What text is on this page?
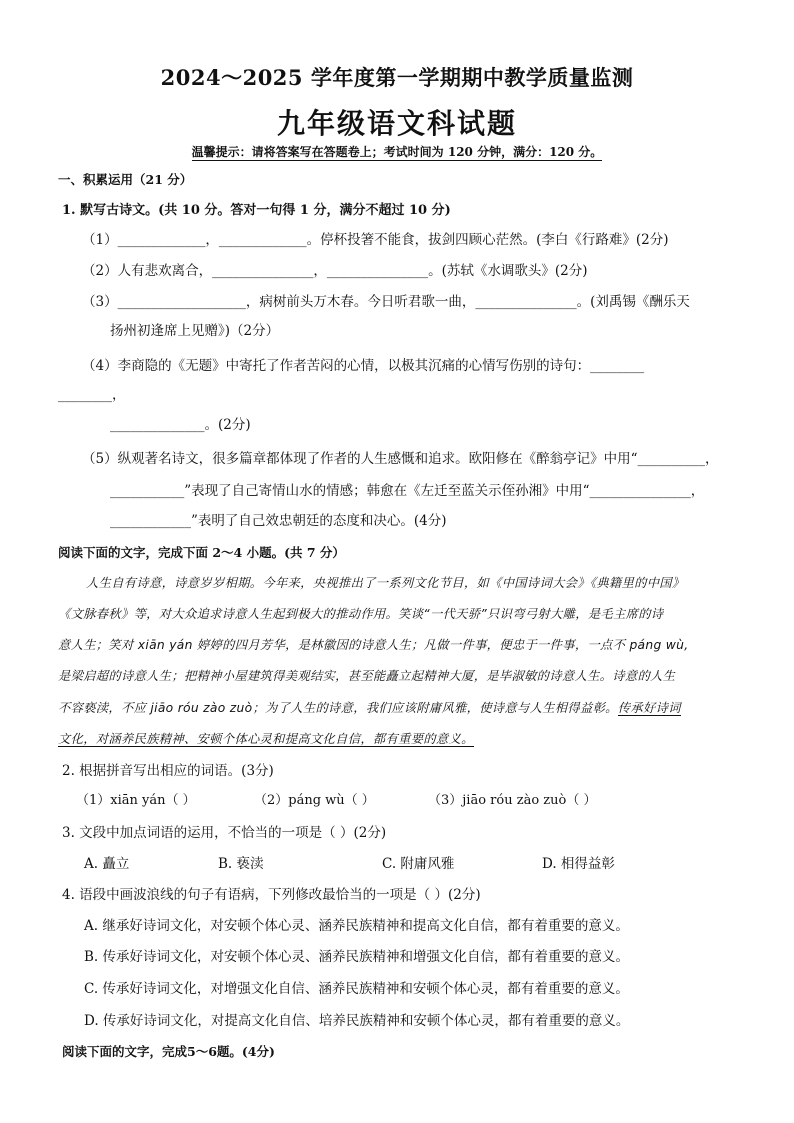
2024～2025 学年度第一学期期中教学质量监测
九年级语文科试题
温馨提示：请将答案写在答题卷上；考试时间为 120 分钟，满分：120 分。
一、积累运用（21 分）
1. 默写古诗文。(共 10 分。答对一句得 1 分，满分不超过 10 分)
（1）_____________，_____________。停杯投箸不能食，拔剑四顾心茫然。(李白《行路难》(2分)
（2）人有悲欢离合，_______________，_______________。(苏轼《水调歌头》(2分)
（3）___________________，病树前头万木春。今日听君歌一曲，_______________。(刘禹锡《酬乐天
扬州初逢席上见赠》)（2分）
（4）李商隐的《无题》中寄托了作者苦闷的心情，以极其沉痛的心情写伤别的诗句：________
________，
______________。(2分)
（5）纵观著名诗文，很多篇章都体现了作者的人生感慨和追求。欧阳修在《醉翁亭记》中用“__________，
___________”表现了自己寄情山水的情感；韩愈在《左迁至蓝关示侄孙湘》中用“_______________，
____________”表明了自己效忠朝廷的态度和决心。(4分)
阅读下面的文字，完成下面 2～4 小题。(共 7 分）
人生自有诗意，诗意岁岁相期。今年来，央视推出了一系列文化节目，如《中国诗词大会》《典籍里的中国》
《文脉春秋》等，对大众追求诗意人生起到极大的推动作用。笑谈“一代天骄”只识弯弓射大雕，是毛主席的诗
意人生；笑对 xiān yán 婷婷的四月芳华，是林徽因的诗意人生；凡做一件事，便忠于一件事，一点不 páng wù,
是梁启超的诗意人生；把精神小屋建筑得美观结实，甚至能矗立起精神大厦，是毕淑敏的诗意人生。诗意的人生
不容亵渎，不应 jiāo róu zào zuò；为了人生的诗意，我们应该附庸风雅，使诗意与人生相得益彰。传承好诗词
文化，对涵养民族精神、安顿个体心灵和提高文化自信，都有重要的意义。
2. 根据拼音写出相应的词语。(3分)
（1）xiān yán（ ）	（2）páng wù（ ）	（3）jiāo róu zào zuò（ ）
3. 文段中加点词语的运用，不恰当的一项是（ ）(2分)
A. 矗立	B. 亵渎	C. 附庸风雅	D. 相得益彰
4. 语段中画波浪线的句子有语病，下列修改最恰当的一项是（ ）(2分)
A. 继承好诗词文化，对安顿个体心灵、涵养民族精神和提高文化自信，都有着重要的意义。
B. 传承好诗词文化，对安顿个体心灵、涵养民族精神和增强文化自信，都有着重要的意义。
C. 传承好诗词文化，对增强文化自信、涵养民族精神和安顿个体心灵，都有着重要的意义。
D. 传承好诗词文化，对提高文化自信、培养民族精神和安顿个体心灵，都有着重要的意义。
阅读下面的文字，完成5～6题。(4分)
